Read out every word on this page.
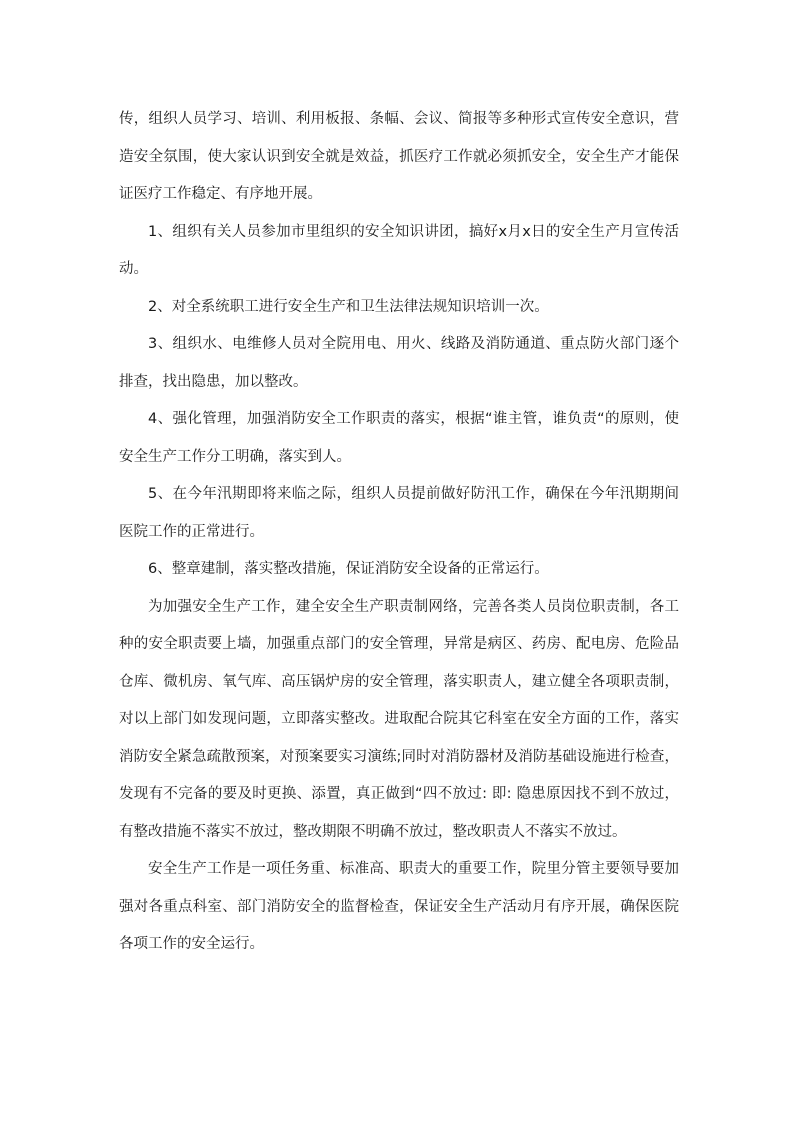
传，组织人员学习、培训、利用板报、条幅、会议、简报等多种形式宣传安全意识，营造安全氛围，使大家认识到安全就是效益，抓医疗工作就必须抓安全，安全生产才能保证医疗工作稳定、有序地开展。

1、组织有关人员参加市里组织的安全知识讲团，搞好x月x日的安全生产月宣传活动。

2、对全系统职工进行安全生产和卫生法律法规知识培训一次。

3、组织水、电维修人员对全院用电、用火、线路及消防通道、重点防火部门逐个排查，找出隐患，加以整改。

4、强化管理，加强消防安全工作职责的落实，根据“谁主管，谁负责“的原则，使安全生产工作分工明确，落实到人。

5、在今年汛期即将来临之际，组织人员提前做好防汛工作，确保在今年汛期期间医院工作的正常进行。

6、整章建制，落实整改措施，保证消防安全设备的正常运行。

为加强安全生产工作，建全安全生产职责制网络，完善各类人员岗位职责制，各工种的安全职责要上墙，加强重点部门的安全管理，异常是病区、药房、配电房、危险品仓库、微机房、氧气库、高压锅炉房的安全管理，落实职责人，建立健全各项职责制，对以上部门如发现问题，立即落实整改。进取配合院其它科室在安全方面的工作，落实消防安全紧急疏散预案，对预案要实习演练;同时对消防器材及消防基础设施进行检查，发现有不完备的要及时更换、添置，真正做到“四不放过: 即: 隐患原因找不到不放过，有整改措施不落实不放过，整改期限不明确不放过，整改职责人不落实不放过。

安全生产工作是一项任务重、标准高、职责大的重要工作，院里分管主要领导要加强对各重点科室、部门消防安全的监督检查，保证安全生产活动月有序开展，确保医院各项工作的安全运行。
